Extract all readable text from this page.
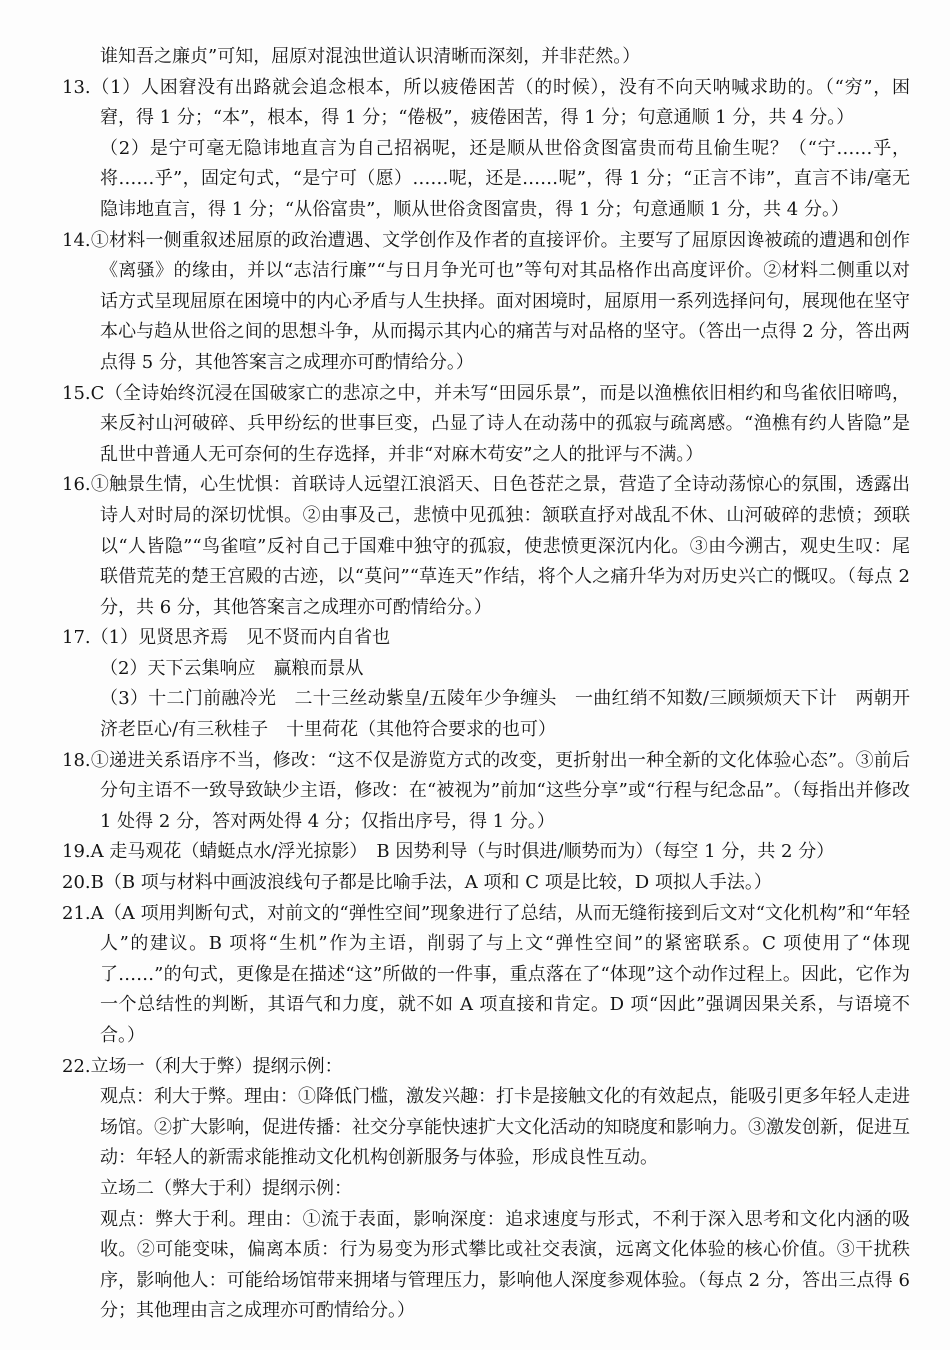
谁知吾之廉贞”可知，屈原对混浊世道认识清晰而深刻，并非茫然。）

13.（1）人困窘没有出路就会追念根本，所以疲倦困苦（的时候），没有不向天呐喊求助的。（“穷”，困窘，得 1 分；“本”，根本，得 1 分；“倦极”，疲倦困苦，得 1 分；句意通顺 1 分，共 4 分。）

（2）是宁可毫无隐讳地直言为自己招祸呢，还是顺从世俗贪图富贵而苟且偷生呢？（“宁……乎，将……乎”，固定句式，“是宁可（愿）……呢，还是……呢”，得 1 分；“正言不讳”，直言不讳/毫无隐讳地直言，得 1 分；“从俗富贵”，顺从世俗贪图富贵，得 1 分；句意通顺 1 分，共 4 分。）

14.①材料一侧重叙述屈原的政治遭遇、文学创作及作者的直接评价。主要写了屈原因谗被疏的遭遇和创作《离骚》的缘由，并以“志洁行廉”“与日月争光可也”等句对其品格作出高度评价。②材料二侧重以对话方式呈现屈原在困境中的内心矛盾与人生抉择。面对困境时，屈原用一系列选择问句，展现他在坚守本心与趋从世俗之间的思想斗争，从而揭示其内心的痛苦与对品格的坚守。（答出一点得 2 分，答出两点得 5 分，其他答案言之成理亦可酌情给分。）

15.C（全诗始终沉浸在国破家亡的悲凉之中，并未写“田园乐景”，而是以渔樵依旧相约和鸟雀依旧啼鸣，来反衬山河破碎、兵甲纷纭的世事巨变，凸显了诗人在动荡中的孤寂与疏离感。“渔樵有约人皆隐”是乱世中普通人无可奈何的生存选择，并非“对麻木苟安”之人的批评与不满。）

16.①触景生情，心生忧惧：首联诗人远望江浪滔天、日色苍茫之景，营造了全诗动荡惊心的氛围，透露出诗人对时局的深切忧惧。②由事及己，悲愤中见孤独：颔联直抒对战乱不休、山河破碎的悲愤；颈联以“人皆隐”“鸟雀喧”反衬自己于国难中独守的孤寂，使悲愤更深沉内化。③由今溯古，观史生叹：尾联借荒芜的楚王宫殿的古迹，以“莫问”“草连天”作结，将个人之痛升华为对历史兴亡的慨叹。（每点 2 分，共 6 分，其他答案言之成理亦可酌情给分。）

17.（1）见贤思齐焉　见不贤而内自省也

（2）天下云集响应　赢粮而景从

（3）十二门前融冷光　二十三丝动紫皇/五陵年少争缠头　一曲红绡不知数/三顾频烦天下计　两朝开济老臣心/有三秋桂子　十里荷花（其他符合要求的也可）

18.①递进关系语序不当，修改：“这不仅是游览方式的改变，更折射出一种全新的文化体验心态”。③前后分句主语不一致导致缺少主语，修改：在“被视为”前加“这些分享”或“行程与纪念品”。（每指出并修改 1 处得 2 分，答对两处得 4 分；仅指出序号，得 1 分。）

19.A 走马观花（蜻蜓点水/浮光掠影）　B 因势利导（与时俱进/顺势而为）（每空 1 分，共 2 分）

20.B（B 项与材料中画波浪线句子都是比喻手法，A 项和 C 项是比较，D 项拟人手法。）

21.A（A 项用判断句式，对前文的“弹性空间”现象进行了总结，从而无缝衔接到后文对“文化机构”和“年轻人”的建议。B 项将“生机”作为主语，削弱了与上文“弹性空间”的紧密联系。C 项使用了“体现了……”的句式，更像是在描述“这”所做的一件事，重点落在了“体现”这个动作过程上。因此，它作为一个总结性的判断，其语气和力度，就不如 A 项直接和肯定。D 项“因此”强调因果关系，与语境不合。）

22.立场一（利大于弊）提纲示例：

观点：利大于弊。理由：①降低门槛，激发兴趣：打卡是接触文化的有效起点，能吸引更多年轻人走进场馆。②扩大影响，促进传播：社交分享能快速扩大文化活动的知晓度和影响力。③激发创新，促进互动：年轻人的新需求能推动文化机构创新服务与体验，形成良性互动。

立场二（弊大于利）提纲示例：

观点：弊大于利。理由：①流于表面，影响深度：追求速度与形式，不利于深入思考和文化内涵的吸收。②可能变味，偏离本质：行为易变为形式攀比或社交表演，远离文化体验的核心价值。③干扰秩序，影响他人：可能给场馆带来拥堵与管理压力，影响他人深度参观体验。（每点 2 分，答出三点得 6 分；其他理由言之成理亦可酌情给分。）
